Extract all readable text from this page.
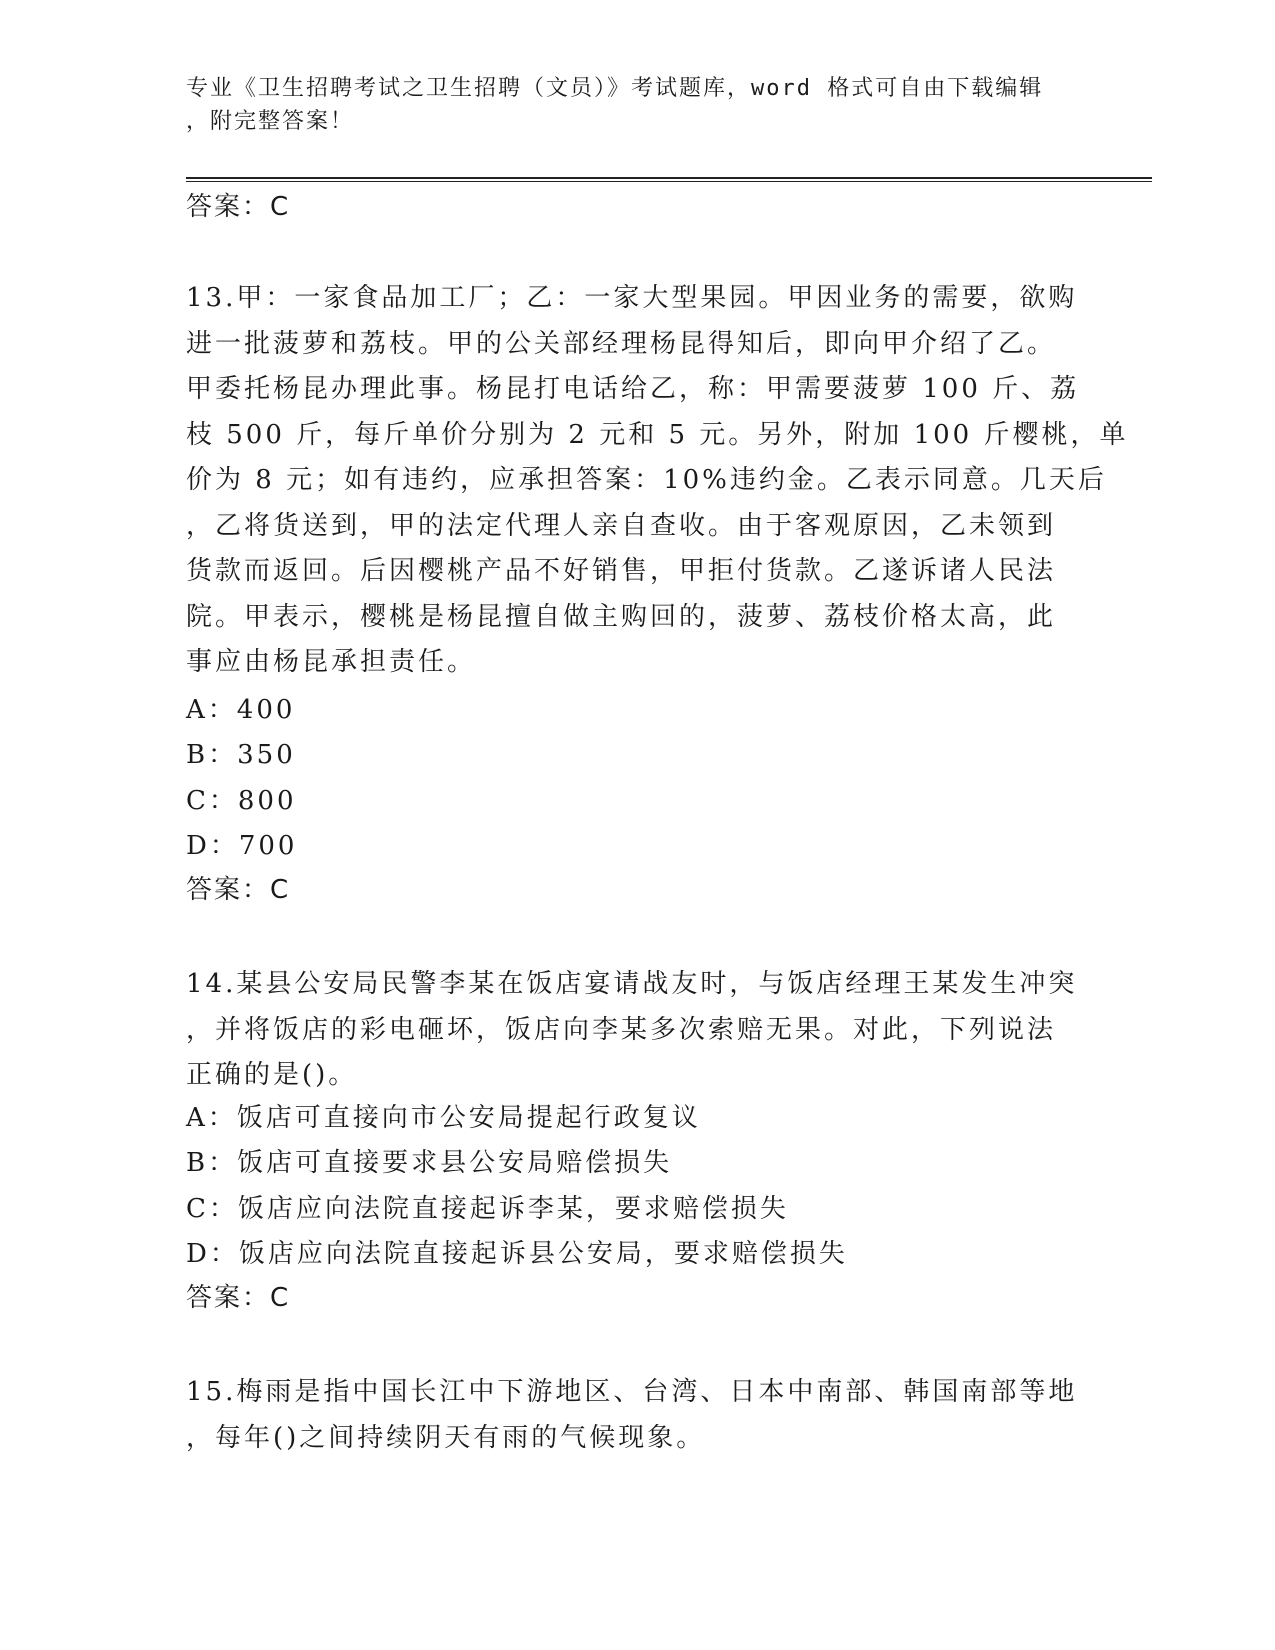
专业《卫生招聘考试之卫生招聘（文员）》考试题库，word 格式可自由下载编辑
，附完整答案！
答案：C
13.甲：一家食品加工厂；乙：一家大型果园。甲因业务的需要，欲购
进一批菠萝和荔枝。甲的公关部经理杨昆得知后，即向甲介绍了乙。
甲委托杨昆办理此事。杨昆打电话给乙，称：甲需要菠萝 100 斤、荔
枝 500 斤，每斤单价分别为 2 元和 5 元。另外，附加 100 斤樱桃，单
价为 8 元；如有违约，应承担答案：10%违约金。乙表示同意。几天后
，乙将货送到，甲的法定代理人亲自查收。由于客观原因，乙未领到
货款而返回。后因樱桃产品不好销售，甲拒付货款。乙遂诉诸人民法
院。甲表示，樱桃是杨昆擅自做主购回的，菠萝、荔枝价格太高，此
事应由杨昆承担责任。
A：400
B：350
C：800
D：700
答案：C
14.某县公安局民警李某在饭店宴请战友时，与饭店经理王某发生冲突
，并将饭店的彩电砸坏，饭店向李某多次索赔无果。对此，下列说法
正确的是()。
A：饭店可直接向市公安局提起行政复议
B：饭店可直接要求县公安局赔偿损失
C：饭店应向法院直接起诉李某，要求赔偿损失
D：饭店应向法院直接起诉县公安局，要求赔偿损失
答案：C
15.梅雨是指中国长江中下游地区、台湾、日本中南部、韩国南部等地
，每年()之间持续阴天有雨的气候现象。
